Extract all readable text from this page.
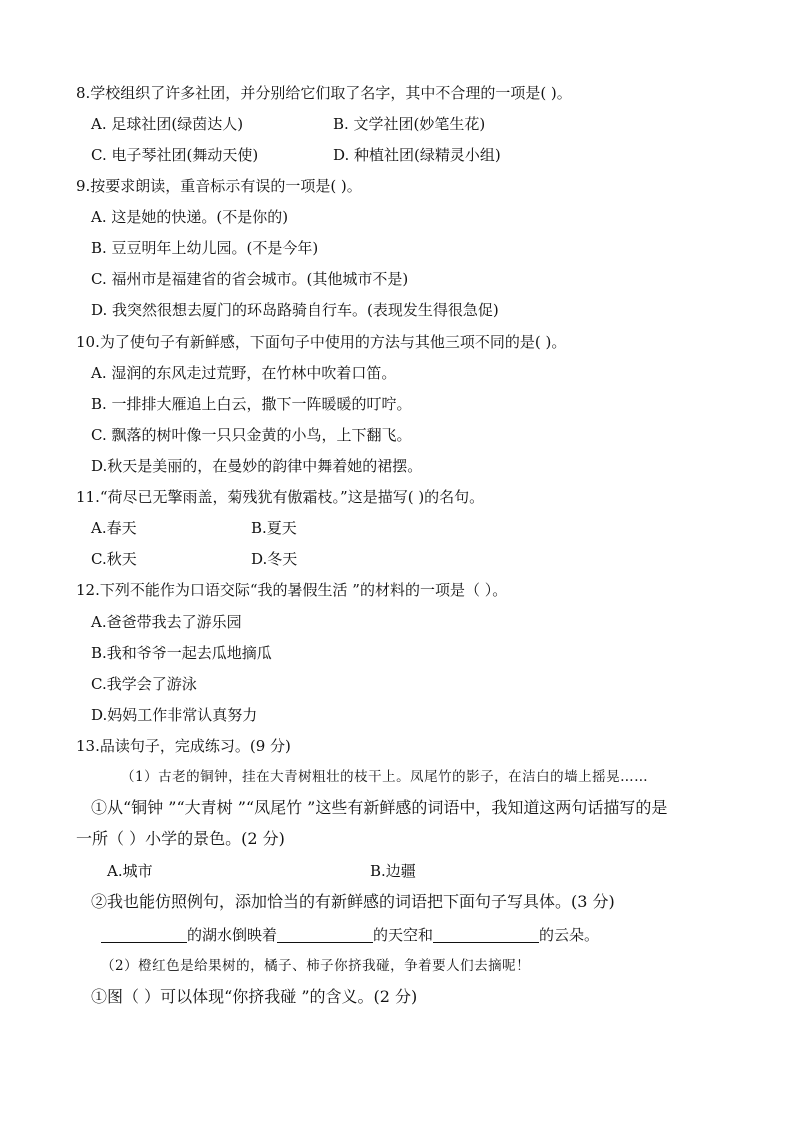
8.学校组织了许多社团，并分别给它们取了名字，其中不合理的一项是( )。
A. 足球社团(绿茵达人)	B. 文学社团(妙笔生花)
C. 电子琴社团(舞动天使)	D. 种植社团(绿精灵小组)
9.按要求朗读，重音标示有误的一项是( )。
A. 这是她的快递。(不是你的)
B. 豆豆明年上幼儿园。(不是今年)
C. 福州市是福建省的省会城市。(其他城市不是)
D. 我突然很想去厦门的环岛路骑自行车。(表现发生得很急促)
10.为了使句子有新鲜感，下面句子中使用的方法与其他三项不同的是( )。
A. 湿润的东风走过荒野，在竹林中吹着口笛。
B. 一排排大雁追上白云，撒下一阵暖暖的叮咛。
C. 飘落的树叶像一只只金黄的小鸟，上下翻飞。
D.秋天是美丽的，在曼妙的韵律中舞着她的裙摆。
11.“荷尽已无擎雨盖，菊残犹有傲霜枝。”这是描写( )的名句。
A.春天	B.夏天
C.秋天	D.冬天
12.下列不能作为口语交际“我的暑假生活 ”的材料的一项是（ ）。
A.爸爸带我去了游乐园
B.我和爷爷一起去瓜地摘瓜
C.我学会了游泳
D.妈妈工作非常认真努力
13.品读句子，完成练习。(9 分)
（1）古老的铜钟，挂在大青树粗壮的枝干上。凤尾竹的影子，在洁白的墙上摇晃……
①从“铜钟 ”“大青树 ”“凤尾竹 ”这些有新鲜感的词语中，我知道这两句话描写的是
一所（ ）小学的景色。(2 分)
A.城市	B.边疆
②我也能仿照例句，添加恰当的有新鲜感的词语把下面句子写具体。(3 分)
的湖水倒映着	的天空和	的云朵。
（2）橙红色是给果树的，橘子、柿子你挤我碰，争着要人们去摘呢！
①图（ ）可以体现“你挤我碰 ”的含义。(2 分)
